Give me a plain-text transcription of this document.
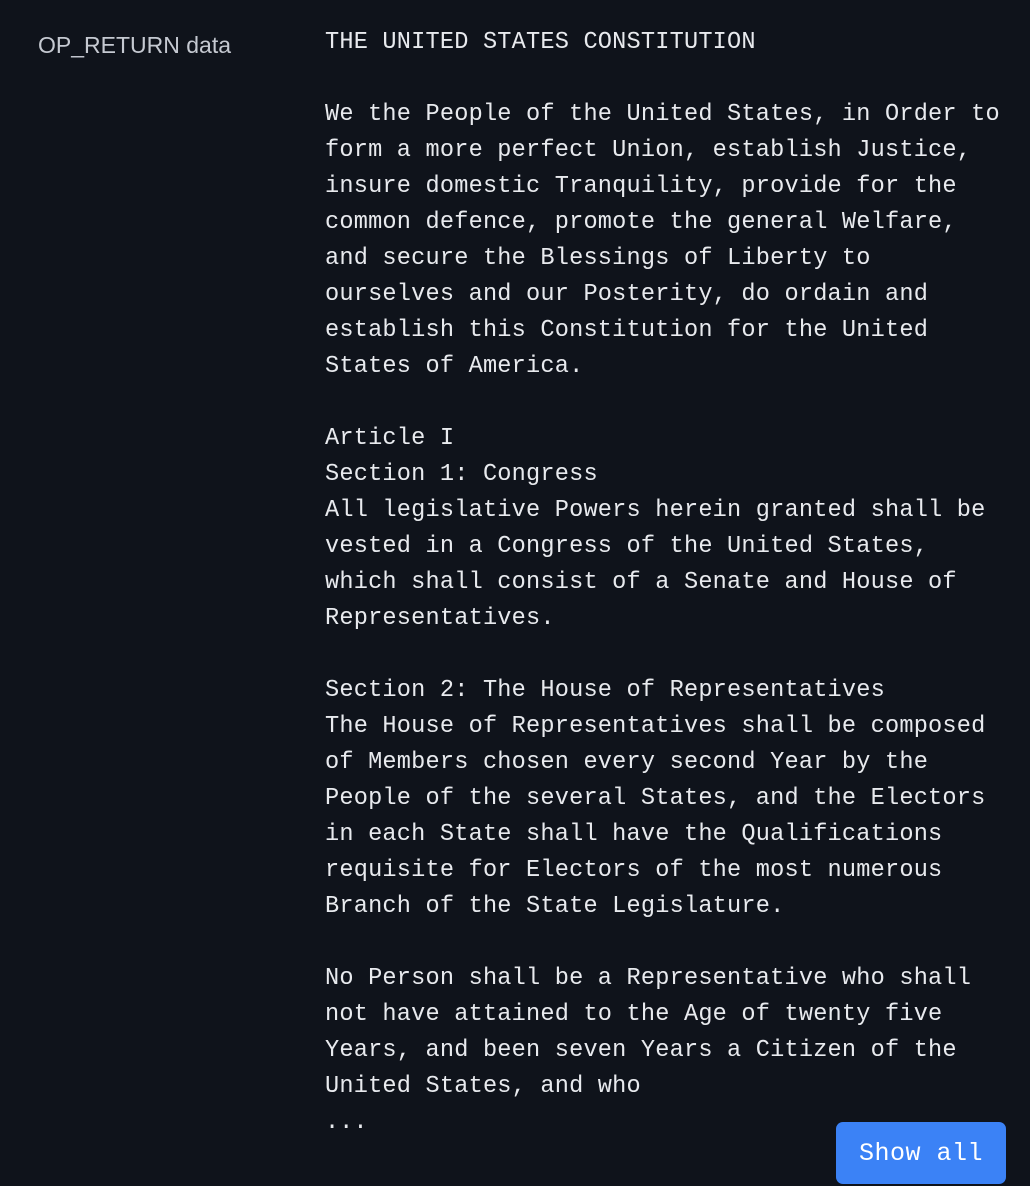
OP_RETURN data	THE UNITED STATES CONSTITUTION
We the People of the United States, in Order to
form a more perfect Union, establish Justice,
insure domestic Tranquility, provide for the
common defence, promote the general Welfare,
and secure the Blessings of Liberty to
ourselves and our Posterity, do ordain and
establish this Constitution for the United
States of America.
Article I
Section 1: Congress
All legislative Powers herein granted shall be
vested in a Congress of the United States,
which shall consist of a Senate and House of
Representatives.
Section 2: The House of Representatives
The House of Representatives shall be composed
of Members chosen every second Year by the
People of the several States, and the Electors
in each State shall have the Qualifications
requisite for Electors of the most numerous
Branch of the State Legislature.
No Person shall be a Representative who shall
not have attained to the Age of twenty five
Years, and been seven Years a Citizen of the
United States, and who
...
Show all
